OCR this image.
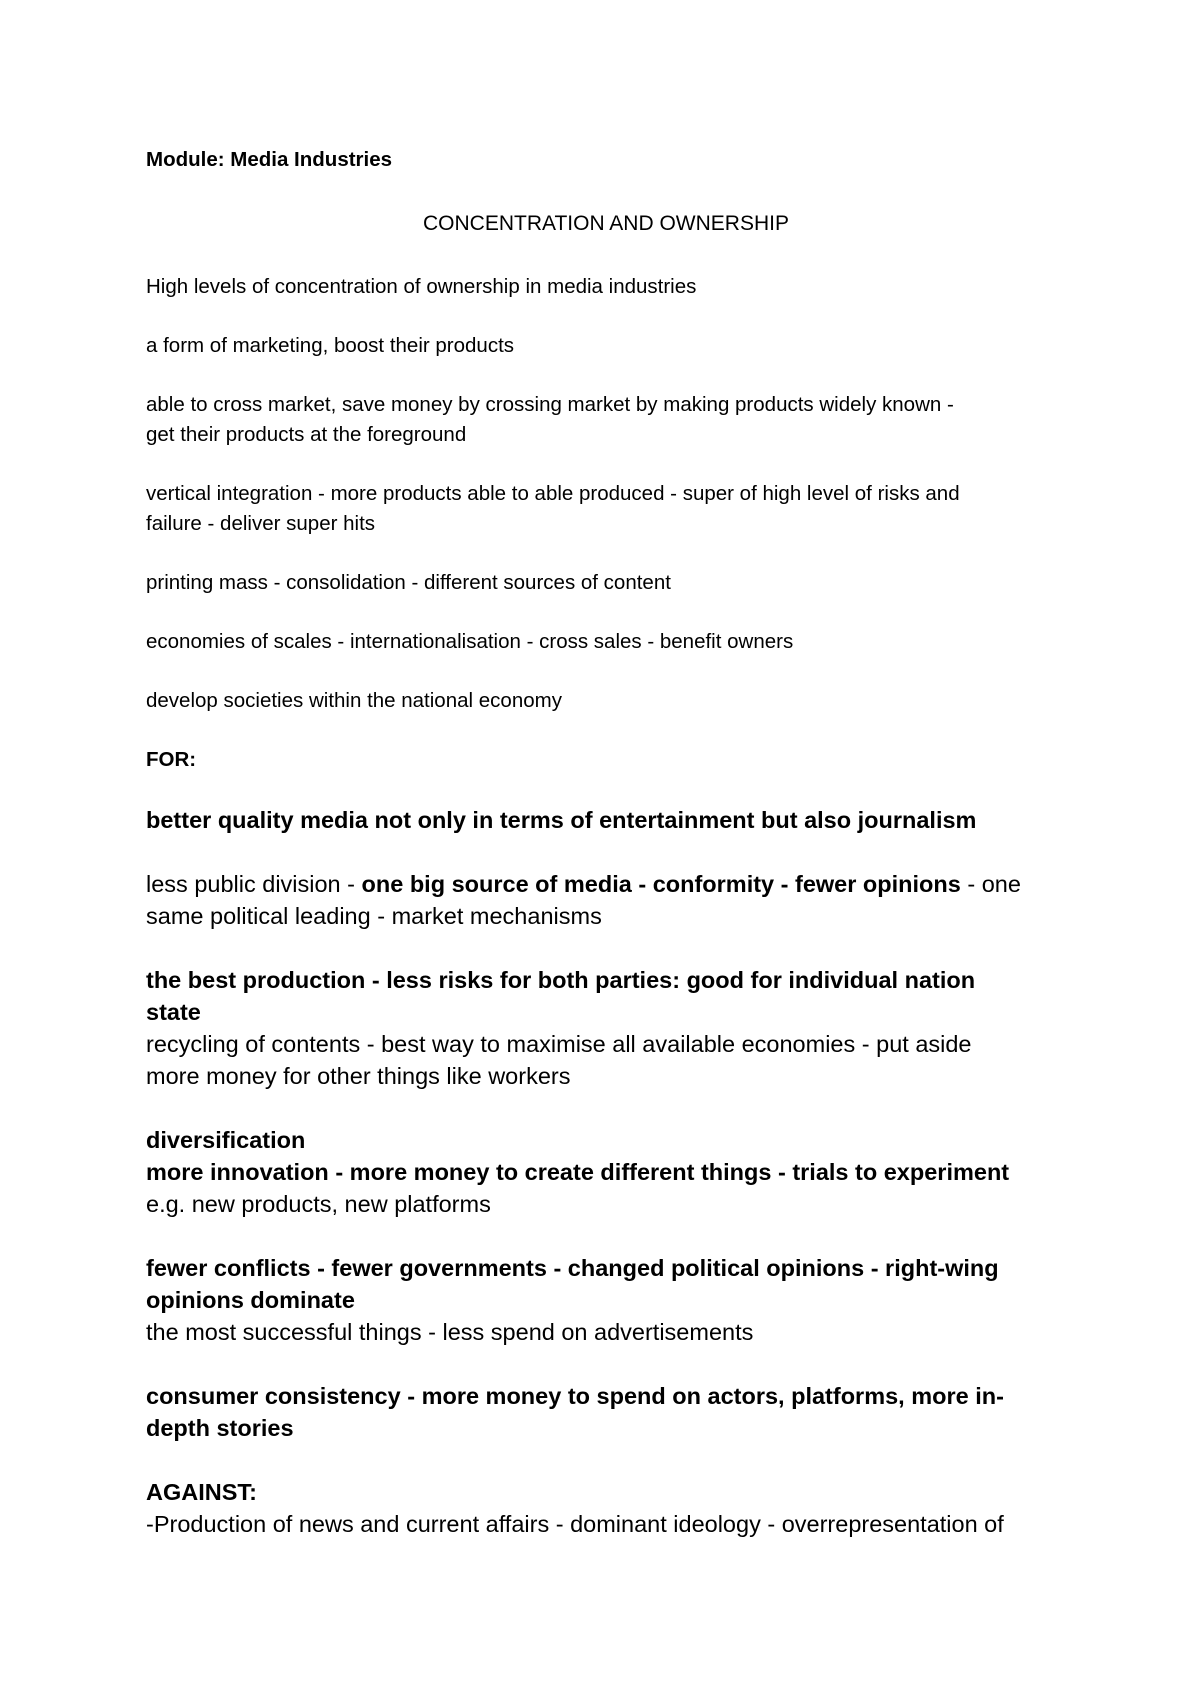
Module: Media Industries

CONCENTRATION AND OWNERSHIP

High levels of concentration of ownership in media industries

a form of marketing, boost their products

able to cross market, save money by crossing market by making products widely known -

get their products at the foreground

vertical integration - more products able to able produced - super of high level of risks and

failure - deliver super hits

printing mass - consolidation - different sources of content

economies of scales - internationalisation - cross sales - benefit owners

develop societies within the national economy

FOR:

better quality media not only in terms of entertainment but also journalism

less public division - one big source of media - conformity - fewer opinions - one

same political leading - market mechanisms

the best production - less risks for both parties: good for individual nation

state

recycling of contents - best way to maximise all available economies - put aside

more money for other things like workers

diversification

more innovation - more money to create different things - trials to experiment

e.g. new products, new platforms

fewer conflicts - fewer governments - changed political opinions - right-wing

opinions dominate

the most successful things - less spend on advertisements

consumer consistency - more money to spend on actors, platforms, more in-

depth stories

AGAINST:

-Production of news and current affairs - dominant ideology - overrepresentation of
